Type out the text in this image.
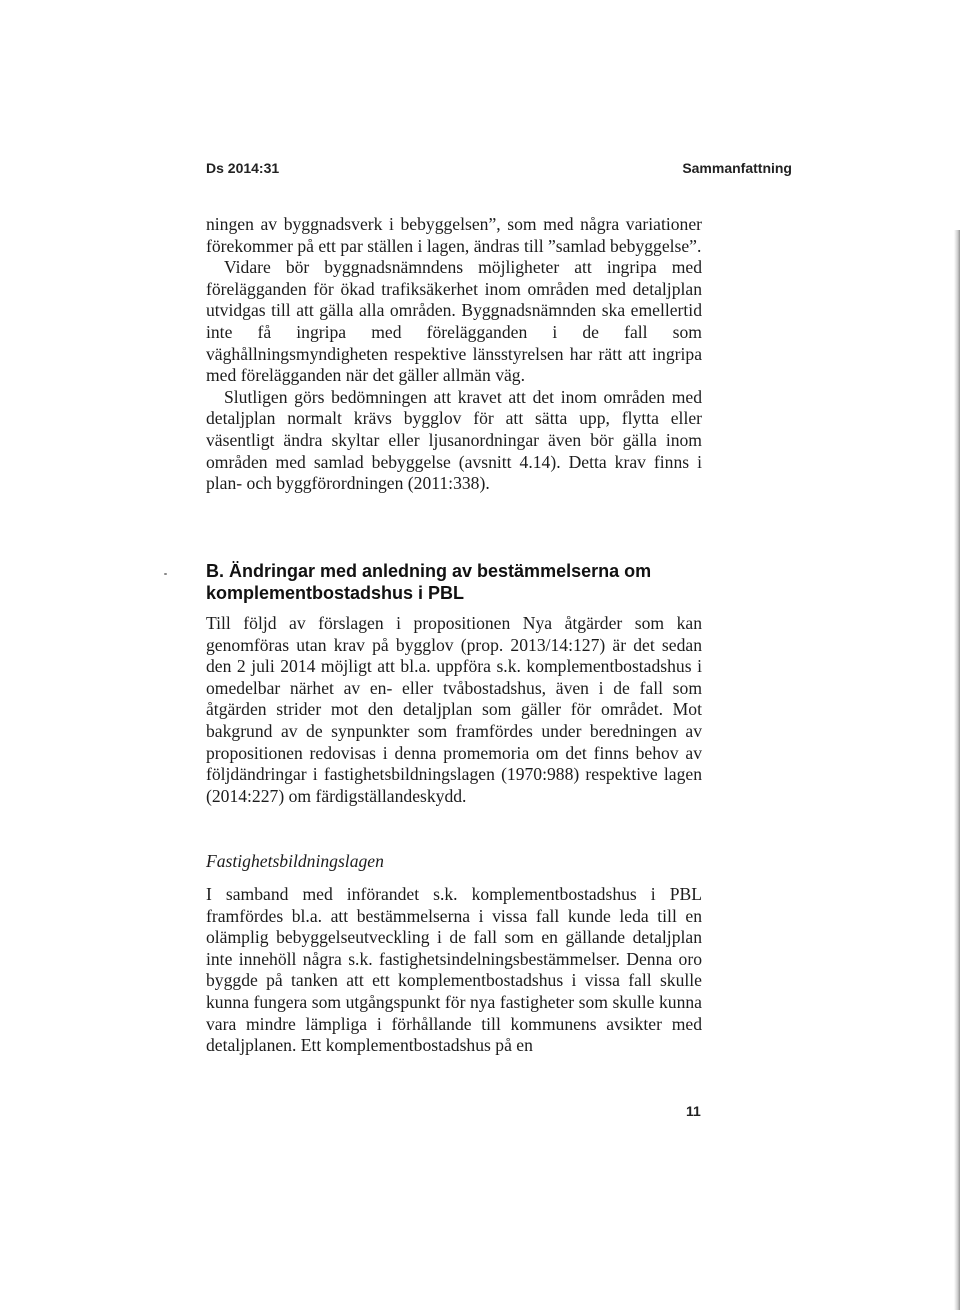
Ds 2014:31	Sammanfattning

ningen av byggnadsverk i bebyggelsen”, som med några variationer förekommer på ett par ställen i lagen, ändras till ”samlad bebyggelse”.

Vidare bör byggnadsnämndens möjligheter att ingripa med förelägganden för ökad trafiksäkerhet inom områden med detaljplan utvidgas till att gälla alla områden. Byggnadsnämnden ska emellertid inte få ingripa med förelägganden i de fall som väghållningsmyndigheten respektive länsstyrelsen har rätt att ingripa med förelägganden när det gäller allmän väg.

Slutligen görs bedömningen att kravet att det inom områden med detaljplan normalt krävs bygglov för att sätta upp, flytta eller väsentligt ändra skyltar eller ljusanordningar även bör gälla inom områden med samlad bebyggelse (avsnitt 4.14). Detta krav finns i plan- och byggförordningen (2011:338).

B. Ändringar med anledning av bestämmelserna om komplementbostadshus i PBL

Till följd av förslagen i propositionen Nya åtgärder som kan genomföras utan krav på bygglov (prop. 2013/14:127) är det sedan den 2 juli 2014 möjligt att bl.a. uppföra s.k. komplementbostadshus i omedelbar närhet av en- eller tvåbostadshus, även i de fall som åtgärden strider mot den detaljplan som gäller för området. Mot bakgrund av de synpunkter som framfördes under beredningen av propositionen redovisas i denna promemoria om det finns behov av följdändringar i fastighetsbildningslagen (1970:988) respektive lagen (2014:227) om färdigställandeskydd.

Fastighetsbildningslagen

I samband med införandet s.k. komplementbostadshus i PBL framfördes bl.a. att bestämmelserna i vissa fall kunde leda till en olämplig bebyggelseutveckling i de fall som en gällande detaljplan inte innehöll några s.k. fastighetsindelningsbestämmelser. Denna oro byggde på tanken att ett komplementbostadshus i vissa fall skulle kunna fungera som utgångspunkt för nya fastigheter som skulle kunna vara mindre lämpliga i förhållande till kommunens avsikter med detaljplanen. Ett komplementbostadshus på en

11
